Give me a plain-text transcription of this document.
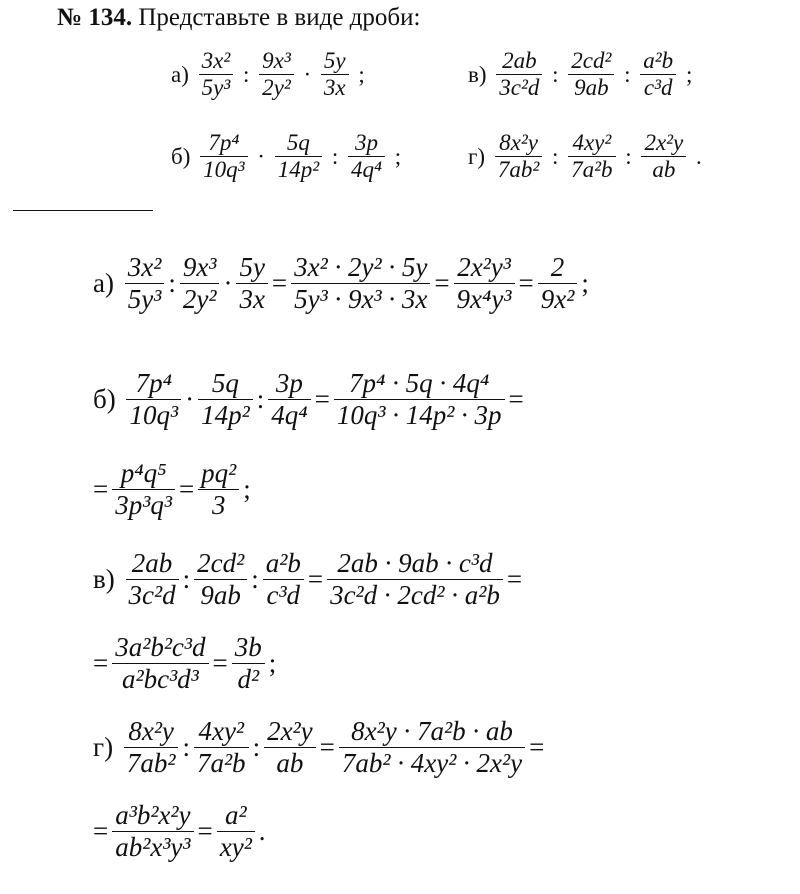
№ 134. Представьте в виде дроби:
$а) \frac{\text{3x²}}{\text{5y³}}$ : $\frac{\text{9x³}}{\text{2y²}} \cdot \frac{5y}{3x}$ ;	$в) \frac{2ab}{\text{3c²d}}$ : $\frac{\text{2cd²}}{9ab}$ : $\frac{\text{a²b}}{\text{c³d}}$ ;
$б) \frac{\text{7p⁴}}{\text{10q³}} \cdot \frac{5q}{\text{14p²}}$ : $\frac{3p}{\text{4q⁴}}$ ;	$г) \frac{\text{8x²y}}{\text{7ab²}}$ : $\frac{\text{4xy²}}{\text{7a²b}}$ : $\frac{\text{2x²y}}{ab}$ .
$а) \frac{\text{3x²}}{\text{5y³}}$ : $\frac{\text{9x³}}{\text{2y²}} \cdot \frac{5y}{3x} = \frac{\text{3x² · 2y² · 5y}}{\text{5y³ · 9x³ · 3x}} = \frac{\text{2x²y³}}{\text{9x⁴y³}} = \frac{2}{\text{9x²}}$ ;
$б) \frac{\text{7p⁴}}{\text{10q³}} \cdot \frac{5q}{\text{14p²}}$ : $\frac{3p}{\text{4q⁴}} = \frac{\text{7p⁴ · 5q · 4q⁴}}{\text{10q³ · 14p² · 3p}}$ =
= $\frac{\text{p⁴q⁵}}{\text{3p³q³}} = \frac{\text{pq²}}{3}$ ;
$в) \frac{2ab}{\text{3c²d}}$ : $\frac{\text{2cd²}}{9ab}$ : $\frac{\text{a²b}}{\text{c³d}} = \frac{\text{2ab · 9ab · c³d}}{\text{3c²d · 2cd² · a²b}}$ =
= $\frac{\text{3a²b²c³d}}{\text{a²bc³d³}} = \frac{3b}{\text{d²}}$ ;
$г) \frac{\text{8x²y}}{\text{7ab²}}$ : $\frac{\text{4xy²}}{\text{7a²b}}$ : $\frac{\text{2x²y}}{ab} = \frac{\text{8x²y · 7a²b · ab}}{\text{7ab² · 4xy² · 2x²y}}$ =
= $\frac{\text{a³b²x²y}}{\text{ab²x³y³}} = \frac{\text{a²}}{\text{xy²}}$ .
